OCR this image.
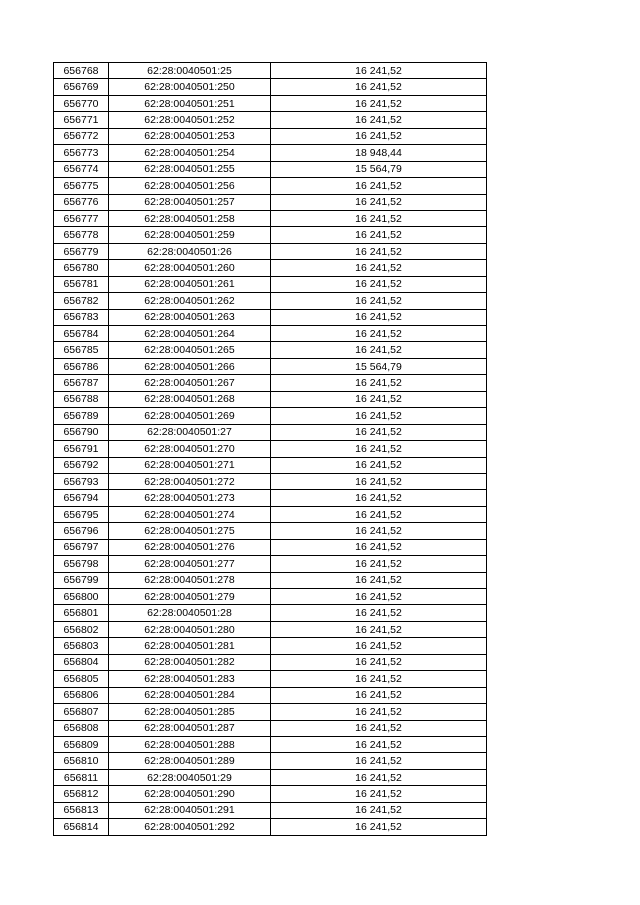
656768	62:28:0040501:25	16 241,52
656769	62:28:0040501:250	16 241,52
656770	62:28:0040501:251	16 241,52
656771	62:28:0040501:252	16 241,52
656772	62:28:0040501:253	16 241,52
656773	62:28:0040501:254	18 948,44
656774	62:28:0040501:255	15 564,79
656775	62:28:0040501:256	16 241,52
656776	62:28:0040501:257	16 241,52
656777	62:28:0040501:258	16 241,52
656778	62:28:0040501:259	16 241,52
656779	62:28:0040501:26	16 241,52
656780	62:28:0040501:260	16 241,52
656781	62:28:0040501:261	16 241,52
656782	62:28:0040501:262	16 241,52
656783	62:28:0040501:263	16 241,52
656784	62:28:0040501:264	16 241,52
656785	62:28:0040501:265	16 241,52
656786	62:28:0040501:266	15 564,79
656787	62:28:0040501:267	16 241,52
656788	62:28:0040501:268	16 241,52
656789	62:28:0040501:269	16 241,52
656790	62:28:0040501:27	16 241,52
656791	62:28:0040501:270	16 241,52
656792	62:28:0040501:271	16 241,52
656793	62:28:0040501:272	16 241,52
656794	62:28:0040501:273	16 241,52
656795	62:28:0040501:274	16 241,52
656796	62:28:0040501:275	16 241,52
656797	62:28:0040501:276	16 241,52
656798	62:28:0040501:277	16 241,52
656799	62:28:0040501:278	16 241,52
656800	62:28:0040501:279	16 241,52
656801	62:28:0040501:28	16 241,52
656802	62:28:0040501:280	16 241,52
656803	62:28:0040501:281	16 241,52
656804	62:28:0040501:282	16 241,52
656805	62:28:0040501:283	16 241,52
656806	62:28:0040501:284	16 241,52
656807	62:28:0040501:285	16 241,52
656808	62:28:0040501:287	16 241,52
656809	62:28:0040501:288	16 241,52
656810	62:28:0040501:289	16 241,52
656811	62:28:0040501:29	16 241,52
656812	62:28:0040501:290	16 241,52
656813	62:28:0040501:291	16 241,52
656814	62:28:0040501:292	16 241,52
